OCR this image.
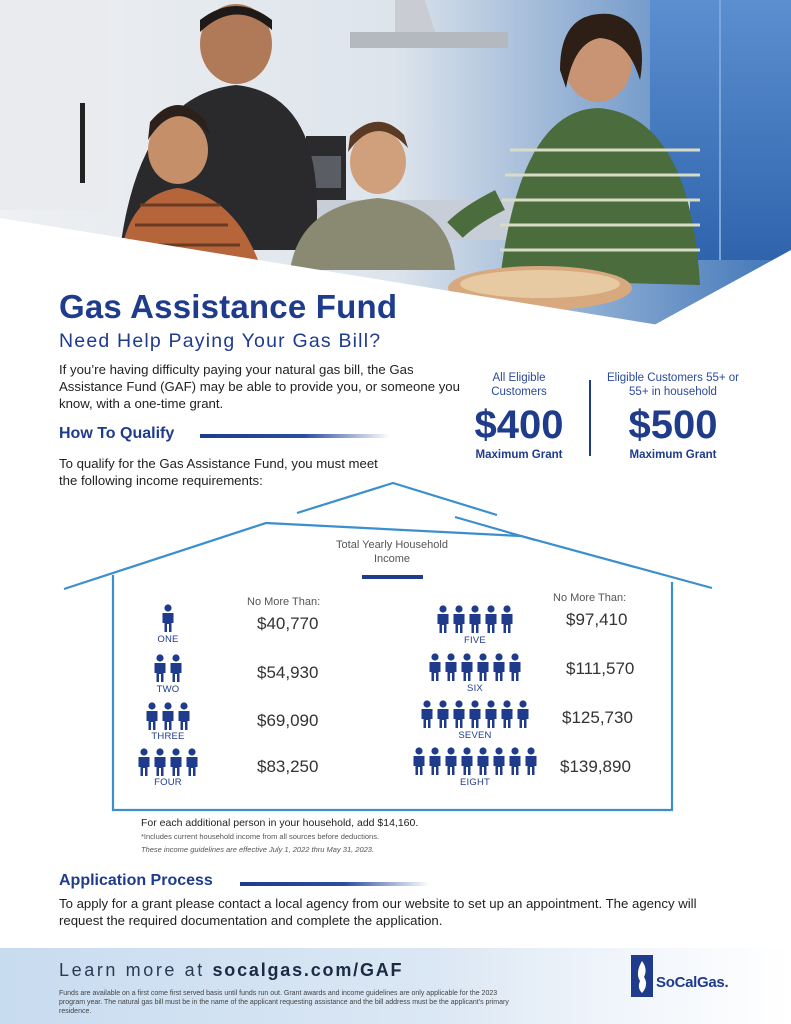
Gas Assistance Fund
Need Help Paying Your Gas Bill?
If you’re having difficulty paying your natural gas bill, the Gas Assistance Fund (GAF) may be able to provide you, or someone you know, with a one-time grant.
All Eligible Customers
$400
Maximum Grant
Eligible Customers 55+ or 55+ in household
$500
Maximum Grant
How To Qualify
To qualify for the Gas Assistance Fund, you must meet the following income requirements:
Total Yearly Household Income
No More Than:	No More Than:
ONE
$40,770
TWO
$54,930
THREE
$69,090
FOUR
$83,250
FIVE
$97,410
SIX
$111,570
SEVEN
$125,730
EIGHT
$139,890
For each additional person in your household, add $14,160.
*Includes current household income from all sources before deductions.
These income guidelines are effective July 1, 2022 thru May 31, 2023.
Application Process
To apply for a grant please contact a local agency from our website to set up an appointment. The agency will request the required documentation and complete the application.
Learn more at socalgas.com/GAF
Funds are available on a first come first served basis until funds run out. Grant awards and income guidelines are only applicable for the 2023 program year. The natural gas bill must be in the name of the applicant requesting assistance and the bill address must be the applicant's primary residence.
SoCalGas.
